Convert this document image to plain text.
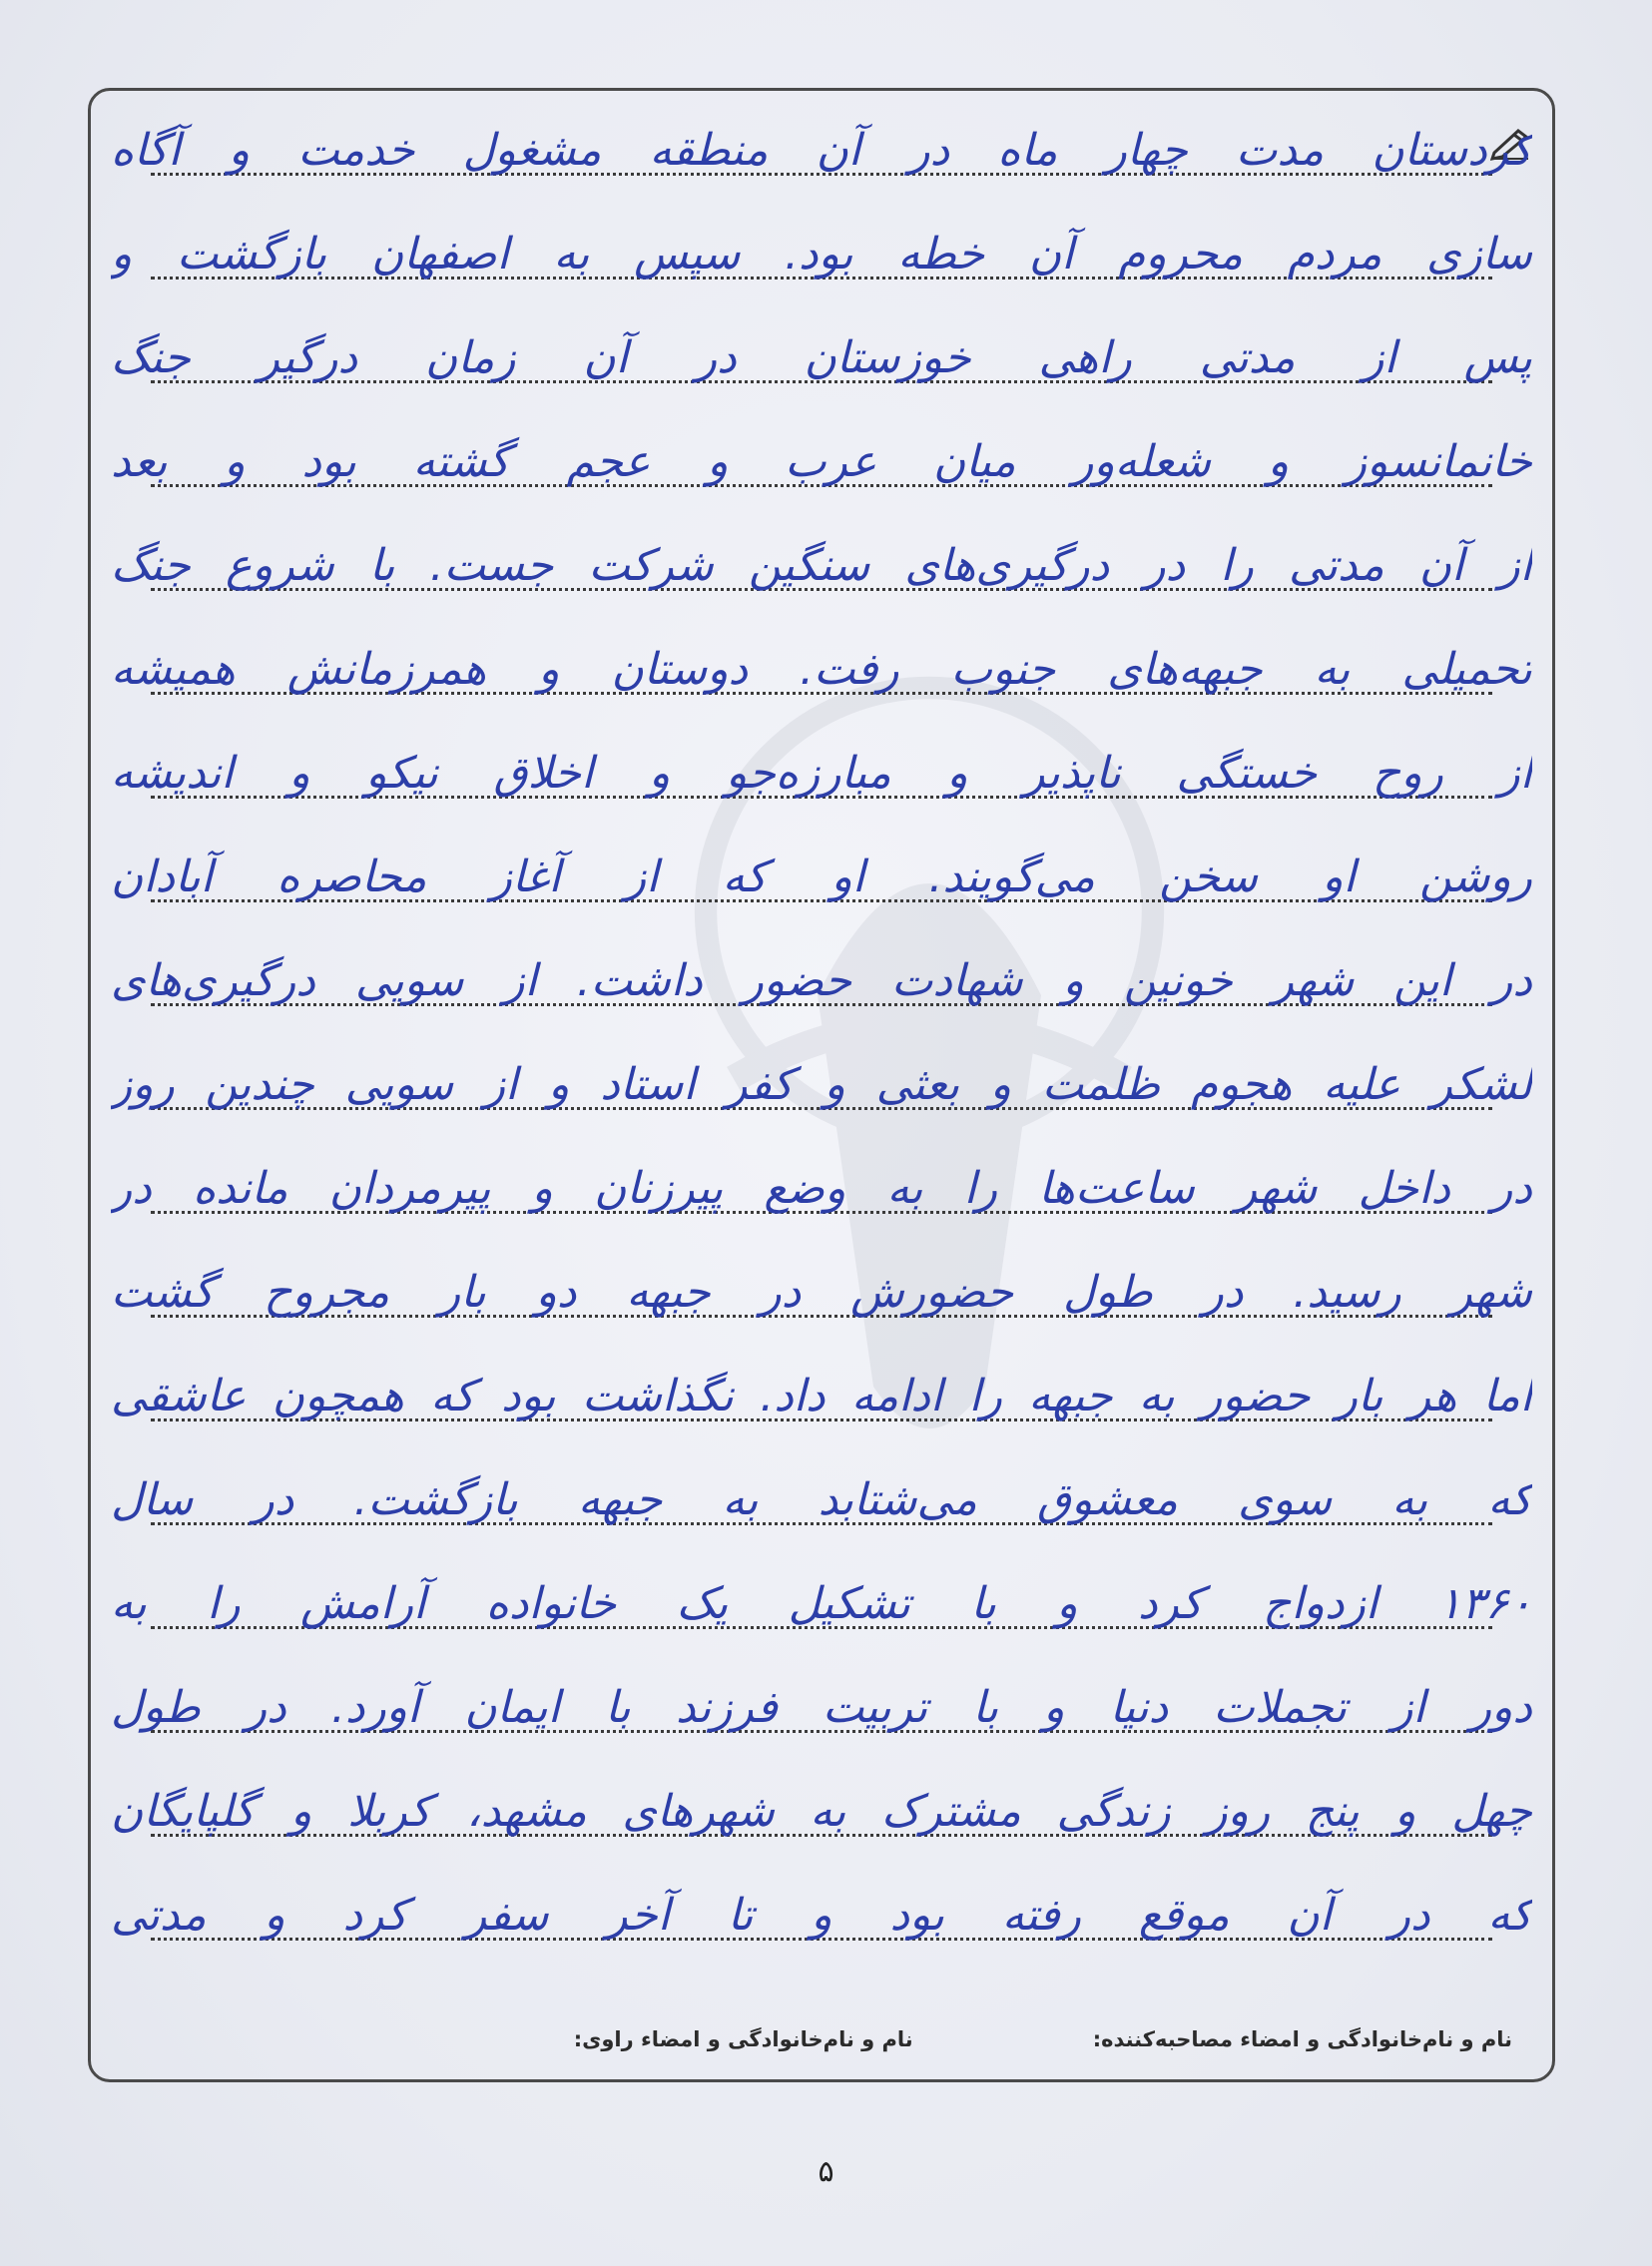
کردستان مدت چهار ماه در آن منطقه مشغول خدمت و آگاه
سازی مردم محروم آن خطه بود. سپس به اصفهان بازگشت و
پس از مدتی راهی خوزستان در آن زمان درگیر جنگ
خانمانسوز و شعله‌ور میان عرب و عجم گشته بود و بعد
از آن مدتی را در درگیری‌های سنگین شرکت جست. با شروع جنگ
تحمیلی به جبهه‌های جنوب رفت. دوستان و همرزمانش همیشه
از روح خستگی ناپذیر و مبارزه‌جو و اخلاق نیکو و اندیشه
روشن او سخن می‌گویند. او که از آغاز محاصره آبادان
در این شهر خونین و شهادت حضور داشت. از سویی درگیری‌های
لشکر علیه هجوم ظلمت و بعثی و کفر استاد و از سویی چندین روز
در داخل شهر ساعت‌ها را به وضع پیرزنان و پیرمردان مانده در
شهر رسید. در طول حضورش در جبهه دو بار مجروح گشت
اما هر بار حضور به جبهه را ادامه داد. نگذاشت بود که همچون عاشقی
که به سوی معشوق می‌شتابد به جبهه بازگشت. در سال
۱۳۶۰ ازدواج کرد و با تشکیل یک خانواده آرامش را به
دور از تجملات دنیا و با تربیت فرزند با ایمان آورد. در طول
چهل و پنج روز زندگی مشترک به شهرهای مشهد، کربلا و گلپایگان
که در آن موقع رفته بود و تا آخر سفر کرد و مدتی
نام و نام‌خانوادگی و امضاء مصاحبه‌کننده:
نام و نام‌خانوادگی و امضاء راوی:
۵
